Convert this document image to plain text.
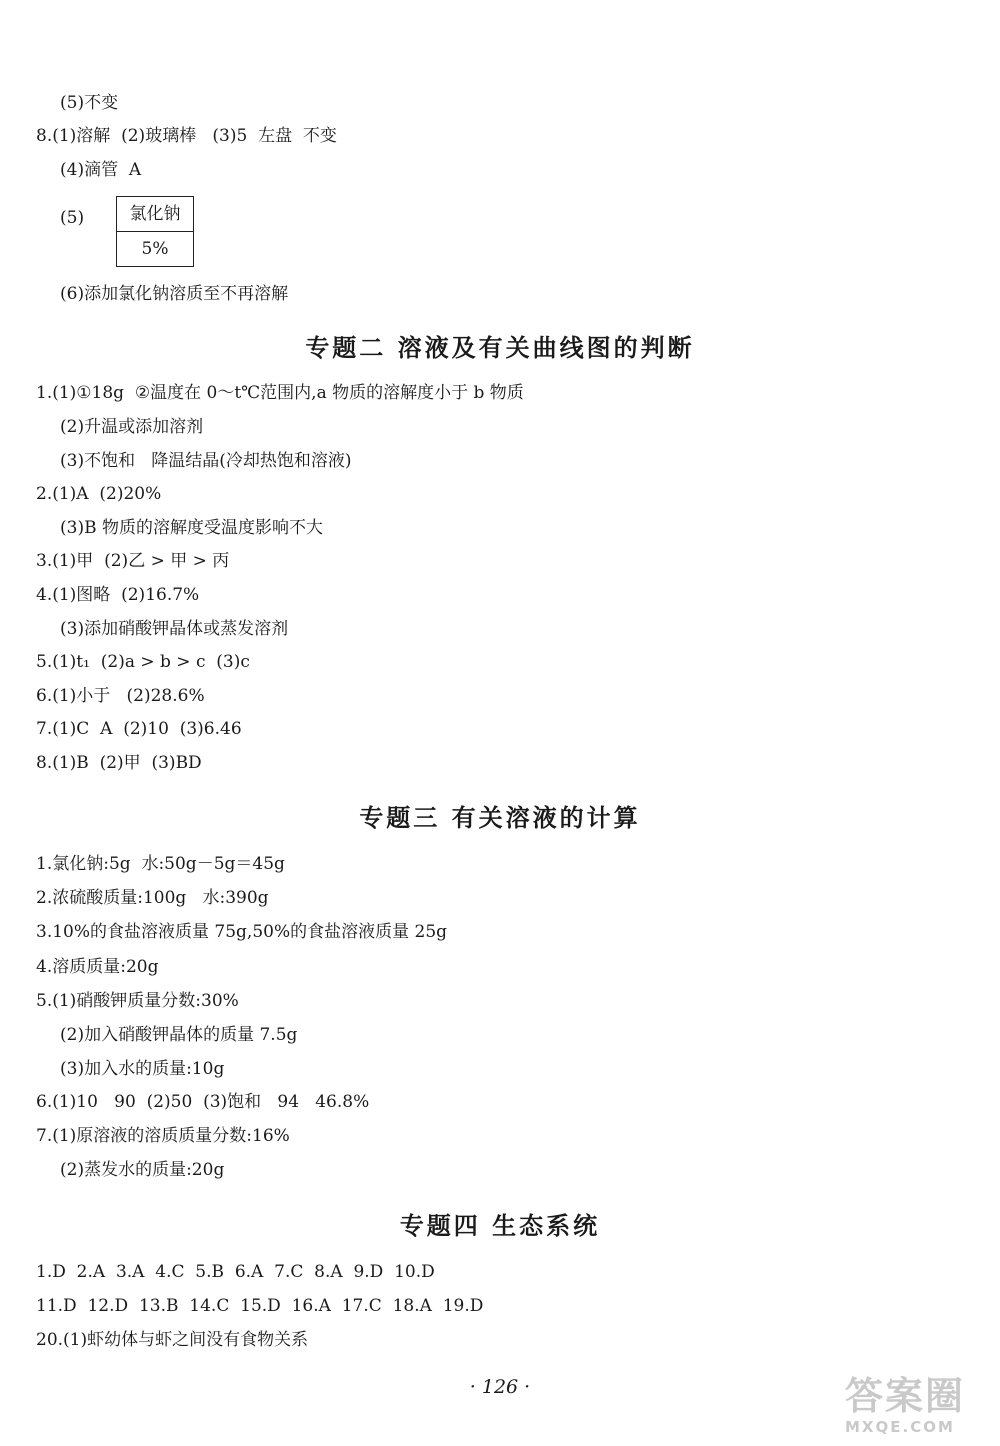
(5)不变
8.(1)溶解  (2)玻璃棒   (3)5  左盘  不变
(4)滴管  A
(5)	氯化钠
5%
(6)添加氯化钠溶质至不再溶解
专题二 溶液及有关曲线图的判断
1.(1)①18g  ②温度在 0～t℃范围内,a 物质的溶解度小于 b 物质
(2)升温或添加溶剂
(3)不饱和   降温结晶(冷却热饱和溶液)
2.(1)A  (2)20%
(3)B 物质的溶解度受温度影响不大
3.(1)甲  (2)乙 > 甲 > 丙
4.(1)图略  (2)16.7%
(3)添加硝酸钾晶体或蒸发溶剂
5.(1)t₁  (2)a > b > c  (3)c
6.(1)小于   (2)28.6%
7.(1)C  A  (2)10  (3)6.46
8.(1)B  (2)甲  (3)BD
专题三 有关溶液的计算
1.氯化钠:5g  水:50g－5g＝45g
2.浓硫酸质量:100g   水:390g
3.10%的食盐溶液质量 75g,50%的食盐溶液质量 25g
4.溶质质量:20g
5.(1)硝酸钾质量分数:30%
(2)加入硝酸钾晶体的质量 7.5g
(3)加入水的质量:10g
6.(1)10   90  (2)50  (3)饱和   94   46.8%
7.(1)原溶液的溶质质量分数:16%
(2)蒸发水的质量:20g
专题四 生态系统
1.D  2.A  3.A  4.C  5.B  6.A  7.C  8.A  9.D  10.D
11.D  12.D  13.B  14.C  15.D  16.A  17.C  18.A  19.D
20.(1)虾幼体与虾之间没有食物关系
· 126 ·	答案圈
MXQE.COM
